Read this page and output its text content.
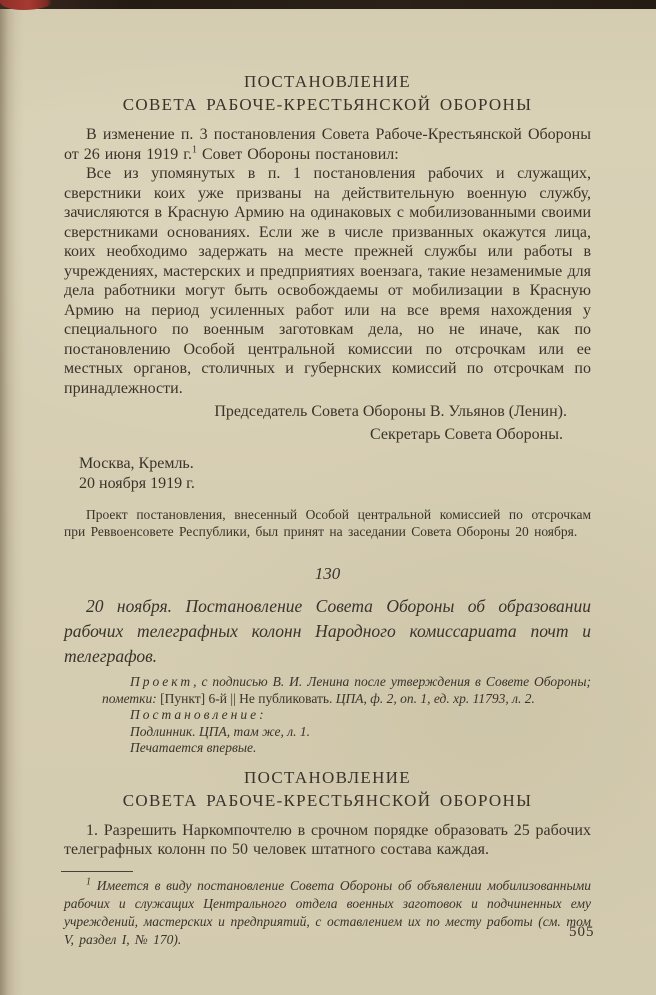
ПОСТАНОВЛЕНИЕ
СОВЕТА РАБОЧЕ-КРЕСТЬЯНСКОЙ ОБОРОНЫ

В изменение п. 3 постановления Совета Рабоче-Крестьянской Обороны от 26 июня 1919 г.$^1$ Совет Обороны постановил:

Все из упомянутых в п. 1 постановления рабочих и служащих, сверстники коих уже призваны на действительную военную службу, зачисляются в Красную Армию на одинаковых с мобилизованными своими сверстниками основаниях. Если же в числе призванных окажутся лица, коих необходимо задержать на месте прежней службы или работы в учреждениях, мастерских и предприятиях воензага, такие незаменимые для дела работники могут быть освобождаемы от мобилизации в Красную Армию на период усиленных работ или на все время нахождения у специального по военным заготовкам дела, но не иначе, как по постановлению Особой центральной комиссии по отсрочкам или ее местных органов, столичных и губернских комиссий по отсрочкам по принадлежности.

Председатель Совета Обороны В. Ульянов (Ленин).
Секретарь Совета Обороны.
Москва, Кремль.
20 ноября 1919 г.

Проект постановления, внесенный Особой центральной комиссией по отсрочкам при Реввоенсовете Республики, был принят на заседании Совета Обороны 20 ноября.

130

20 ноября. Постановление Совета Обороны об образовании рабочих телеграфных колонн Народного комиссариата почт и телеграфов.

Проект, с подписью В. И. Ленина после утверждения в Совете Обороны; пометки: [Пункт] 6-й || Не публиковать. ЦПА, ф. 2, оп. 1, ед. хр. 11793, л. 2.

Постановление:

Подлинник. ЦПА, там же, л. 1.

Печатается впервые.

ПОСТАНОВЛЕНИЕ
СОВЕТА РАБОЧЕ-КРЕСТЬЯНСКОЙ ОБОРОНЫ

1. Разрешить Наркомпочтелю в срочном порядке образовать 25 рабочих телеграфных колонн по 50 человек штатного состава каждая.

$^1$ Имеется в виду постановление Совета Обороны об объявлении мобилизованными рабочих и служащих Центрального отдела военных заготовок и подчиненных ему учреждений, мастерских и предприятий, с оставлением их по месту работы (см. том V, раздел I, № 170).	505
